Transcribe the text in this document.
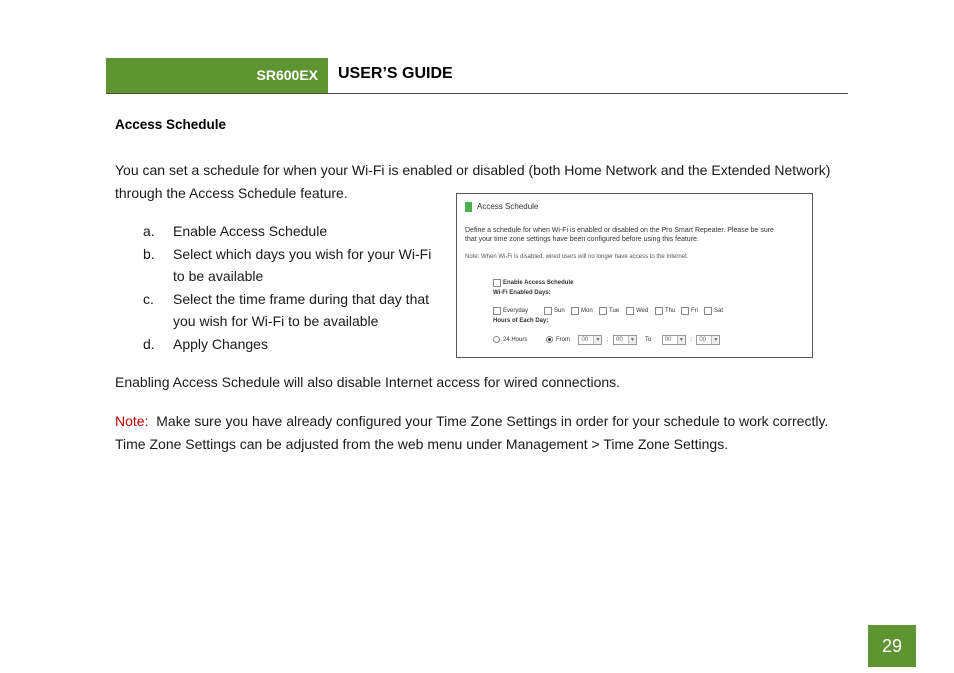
SR600EX	USER’S GUIDE
Access Schedule

You can set a schedule for when your Wi-Fi is enabled or disabled (both Home Network and the Extended Network) through the Access Schedule feature.

a.	Enable Access Schedule
b.	Select which days you wish for your Wi-Fi to be available
c.	Select the time frame during that day that you wish for Wi-Fi to be available
d.	Apply Changes
Access Schedule
Define a schedule for when Wi-Fi is enabled or disabled on the Pro Smart Repeater. Please be sure
that your time zone settings have been configured before using this feature.
Note: When Wi-Fi is disabled, wired users will no longer have access to the Internet.
Enable Access Schedule
Wi-Fi Enabled Days:
Everyday	Sun	Mon	Tue	Wed	Thu	Fri	Sat
Hours of Each Day:
24 Hours	From 00	▼ : 00	▼ To 00	▼ : 00	▼

Enabling Access Schedule will also disable Internet access for wired connections.

Note:  Make sure you have already configured your Time Zone Settings in order for your schedule to work correctly.  Time Zone Settings can be adjusted from the web menu under Management > Time Zone Settings.

29
